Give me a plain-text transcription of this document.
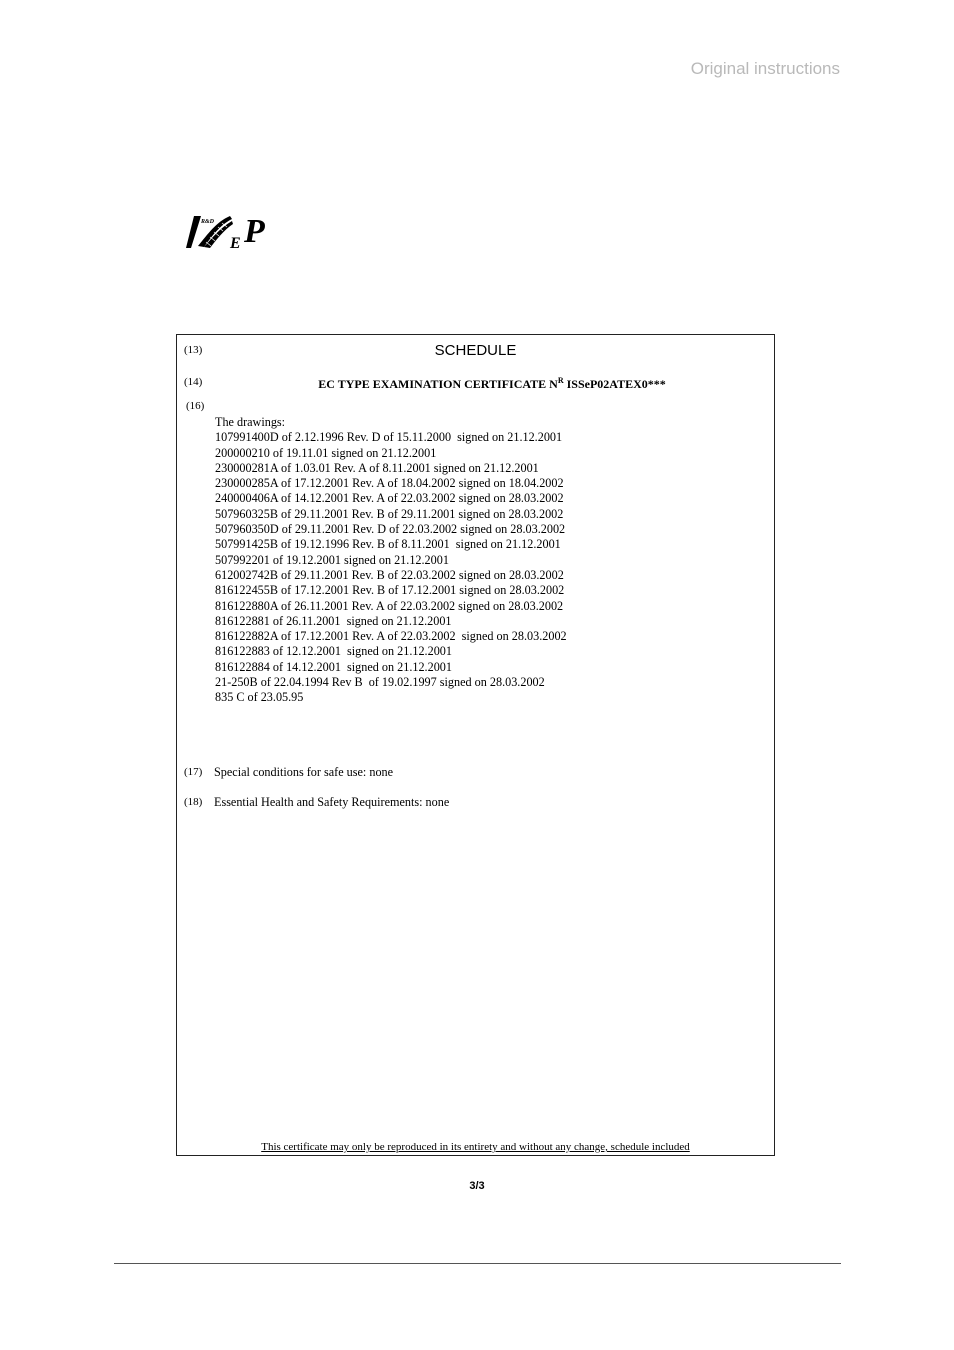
Original instructions
R&D
E P
(13)	SCHEDULE
(14)	EC TYPE EXAMINATION CERTIFICATE $N^R$ ISSeP02ATEX0***
(16)
The drawings:
107991400D of 2.12.1996 Rev. D of 15.11.2000  signed on 21.12.2001
200000210 of 19.11.01 signed on 21.12.2001
230000281A of 1.03.01 Rev. A of 8.11.2001 signed on 21.12.2001
230000285A of 17.12.2001 Rev. A of 18.04.2002 signed on 18.04.2002
240000406A of 14.12.2001 Rev. A of 22.03.2002 signed on 28.03.2002
507960325B of 29.11.2001 Rev. B of 29.11.2001 signed on 28.03.2002
507960350D of 29.11.2001 Rev. D of 22.03.2002 signed on 28.03.2002
507991425B of 19.12.1996 Rev. B of 8.11.2001  signed on 21.12.2001
507992201 of 19.12.2001 signed on 21.12.2001
612002742B of 29.11.2001 Rev. B of 22.03.2002 signed on 28.03.2002
816122455B of 17.12.2001 Rev. B of 17.12.2001 signed on 28.03.2002
816122880A of 26.11.2001 Rev. A of 22.03.2002 signed on 28.03.2002
816122881 of 26.11.2001  signed on 21.12.2001
816122882A of 17.12.2001 Rev. A of 22.03.2002  signed on 28.03.2002
816122883 of 12.12.2001  signed on 21.12.2001
816122884 of 14.12.2001  signed on 21.12.2001
21-250B of 22.04.1994 Rev B  of 19.02.1997 signed on 28.03.2002
835 C of 23.05.95
(17) Special conditions for safe use: none
(18) Essential Health and Safety Requirements: none
This certificate may only be reproduced in its entirety and without any change, schedule included
3/3
